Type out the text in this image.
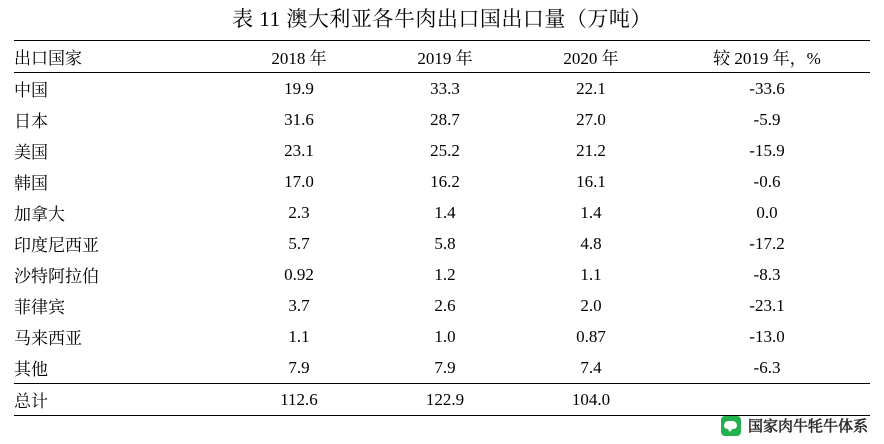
表 11 澳大利亚各牛肉出口国出口量（万吨）
出口国家	2018 年	2019 年	2020 年	较 2019 年，%
中国	19.9	33.3	22.1	-33.6
日本	31.6	28.7	27.0	-5.9
美国	23.1	25.2	21.2	-15.9
韩国	17.0	16.2	16.1	-0.6
加拿大	2.3	1.4	1.4	0.0
印度尼西亚	5.7	5.8	4.8	-17.2
沙特阿拉伯	0.92	1.2	1.1	-8.3
菲律宾	3.7	2.6	2.0	-23.1
马来西亚	1.1	1.0	0.87	-13.0
其他	7.9	7.9	7.4	-6.3
总计	112.6	122.9	104.0	
国家肉牛牦牛体系
